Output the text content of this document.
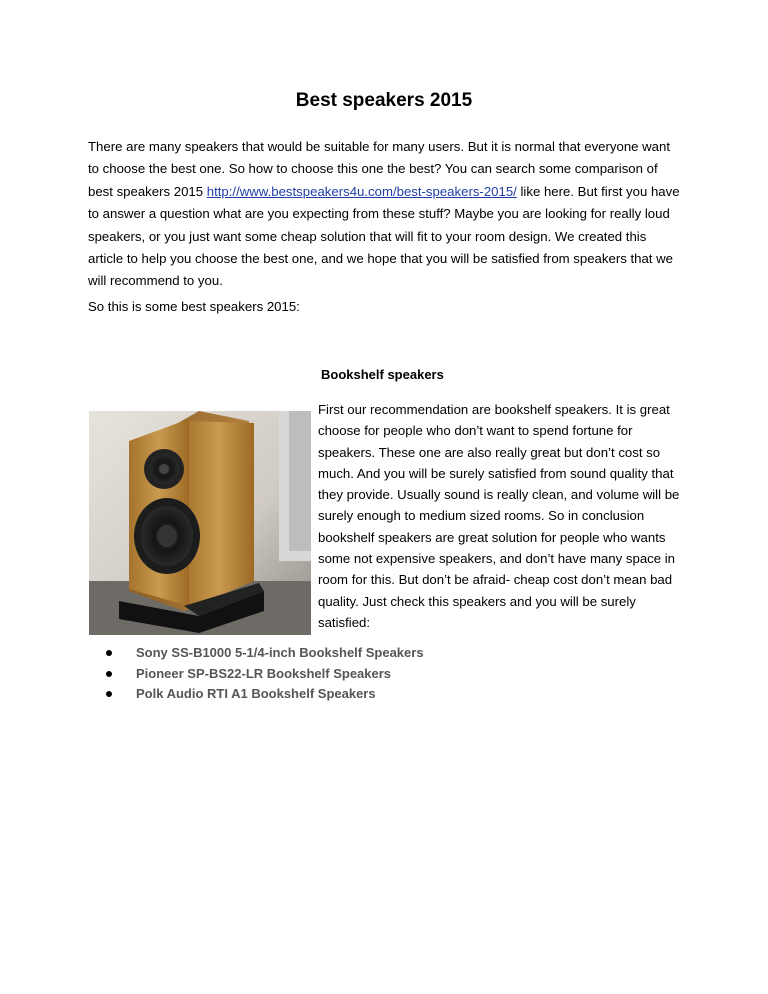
Best speakers 2015

There are many speakers that would be suitable for many users. But it is normal that everyone want to choose the best one. So how to choose this one the best? You can search some comparison of best speakers 2015 http://www.bestspeakers4u.com/best-speakers-2015/ like here. But first you have to answer a question what are you expecting from these stuff? Maybe you are looking for really loud speakers, or you just want some cheap solution that will fit to your room design. We created this article to help you choose the best one, and we hope that you will be satisfied from speakers that we will recommend to you.

So this is some best speakers 2015:

Bookshelf speakers

First our recommendation are bookshelf speakers. It is great choose for people who don’t want to spend fortune for speakers. These one are also really great but don’t cost so much. And you will be surely satisfied from sound quality that they provide. Usually sound is really clean, and volume will be surely enough to medium sized rooms. So in conclusion bookshelf speakers are great solution for people who wants some not expensive speakers, and don’t have many space in room for this. But don’t be afraid- cheap cost don’t mean bad quality. Just check this speakers and you will be surely satisfied:

Sony SS-B1000 5-1/4-inch Bookshelf Speakers
Pioneer SP-BS22-LR Bookshelf Speakers
Polk Audio RTI A1 Bookshelf Speakers
